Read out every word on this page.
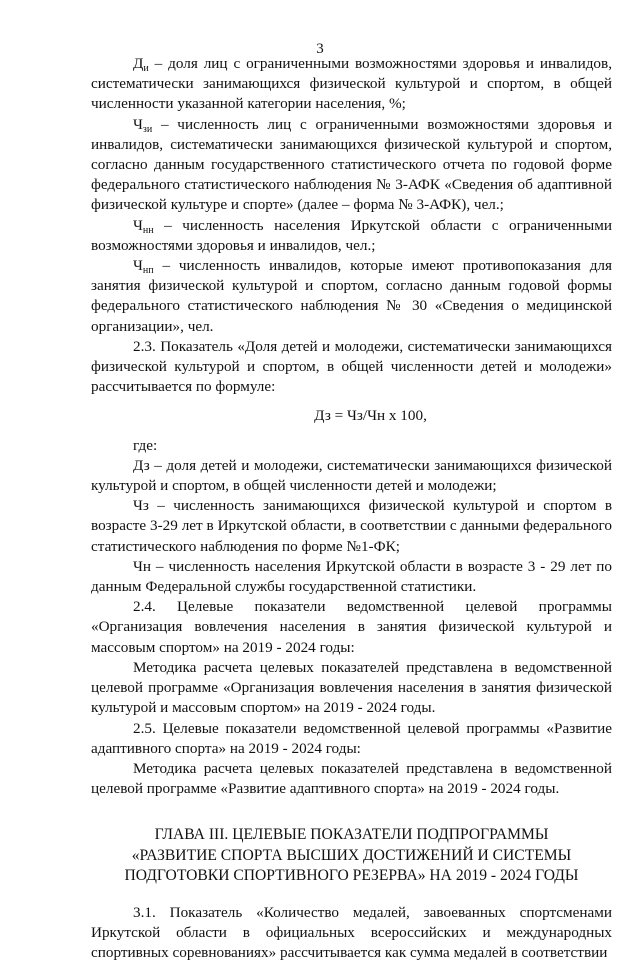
3

$Д_и$ – доля лиц с ограниченными возможностями здоровья и инвалидов, систематически занимающихся физической культурой и спортом, в общей численности указанной категории населения, %;

$Ч_{зи}$ – численность лиц с ограниченными возможностями здоровья и инвалидов, систематически занимающихся физической культурой и спортом, согласно данным государственного статистического отчета по годовой форме федерального статистического наблюдения № 3-АФК «Сведения об адаптивной физической культуре и спорте» (далее – форма № 3-АФК), чел.;

$Ч_{нн}$ – численность населения Иркутской области с ограниченными возможностями здоровья и инвалидов, чел.;

$Ч_{нп}$ – численность инвалидов, которые имеют противопоказания для занятия физической культурой и спортом, согласно данным годовой формы федерального статистического наблюдения № 30 «Сведения о медицинской организации», чел.

2.3. Показатель «Доля детей и молодежи, систематически занимающихся физической культурой и спортом, в общей численности детей и молодежи» рассчитывается по формуле:

Дз = Чз/Чн х 100,

где:

Дз – доля детей и молодежи, систематически занимающихся физической культурой и спортом, в общей численности детей и молодежи;

Чз – численность занимающихся физической культурой и спортом в возрасте 3-29 лет в Иркутской области, в соответствии с данными федерального статистического наблюдения по форме №1-ФК;

Чн – численность населения Иркутской области в возрасте 3 - 29 лет по данным Федеральной службы государственной статистики.

2.4. Целевые показатели ведомственной целевой программы «Организация вовлечения населения в занятия физической культурой и массовым спортом» на 2019 - 2024 годы:

Методика расчета целевых показателей представлена в ведомственной целевой программе «Организация вовлечения населения в занятия физической культурой и массовым спортом» на 2019 - 2024 годы.

2.5. Целевые показатели ведомственной целевой программы «Развитие адаптивного спорта» на 2019 - 2024 годы:

Методика расчета целевых показателей представлена в ведомственной целевой программе «Развитие адаптивного спорта» на 2019 - 2024 годы.

ГЛАВА III. ЦЕЛЕВЫЕ ПОКАЗАТЕЛИ ПОДПРОГРАММЫ
«РАЗВИТИЕ СПОРТА ВЫСШИХ ДОСТИЖЕНИЙ И СИСТЕМЫ
ПОДГОТОВКИ СПОРТИВНОГО РЕЗЕРВА» НА 2019 - 2024 ГОДЫ

3.1. Показатель «Количество медалей, завоеванных спортсменами Иркутской области в официальных всероссийских и международных спортивных соревнованиях» рассчитывается как сумма медалей в соответствии
